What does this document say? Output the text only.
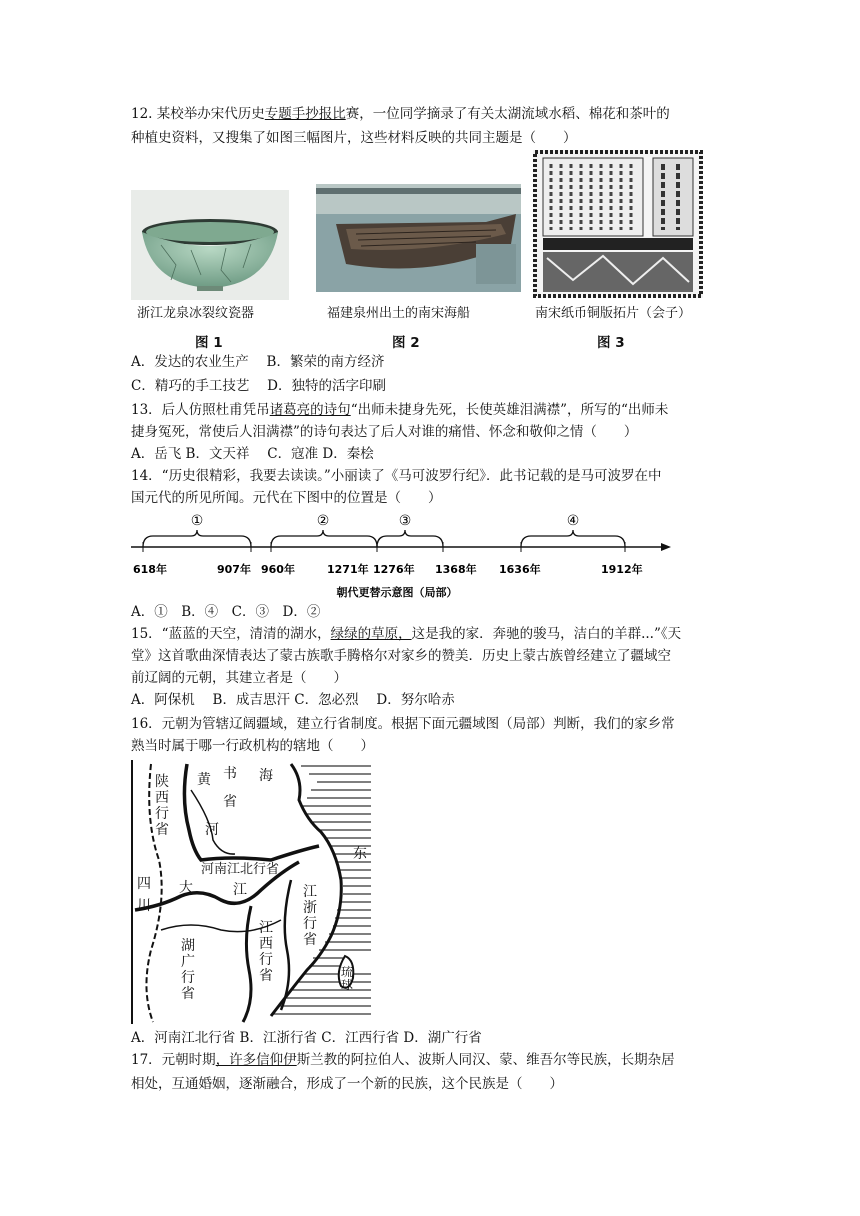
12. 某校举办宋代历史专题手抄报比赛，一位同学摘录了有关太湖流域水稻、棉花和茶叶的
种植史资料，又搜集了如图三幅图片，这些材料反映的共同主题是（　　）
浙江龙泉冰裂纹瓷器
图 1
福建泉州出土的南宋海船
图 2
南宋纸币铜版拓片（会子）
图 3
A．发达的农业生产　 B．繁荣的南方经济
C．精巧的手工技艺　 D．独特的活字印刷
13．后人仿照杜甫凭吊诸葛亮的诗句“出师未捷身先死，长使英雄泪满襟”，所写的“出师未
捷身冤死，常使后人泪满襟”的诗句表达了后人对谁的痛惜、怀念和敬仰之情（　　）
A．岳飞 B．文天祥　 C．寇准 D．秦桧
14．“历史很精彩，我要去读读。”小丽读了《马可波罗行纪》．此书记载的是马可波罗在中
国元代的所见所闻。元代在下图中的位置是（　　）
①	②	③	④
618年	907年 960年	1271年 1276年 1368年 1636年	1912年
朝代更替示意图（局部）
A．①　B．④　C．③　D．②
15．“蓝蓝的天空，清清的湖水，绿绿的草原，这是我的家．奔驰的骏马，洁白的羊群...”《天
堂》这首歌曲深情表达了蒙古族歌手腾格尔对家乡的赞美．历史上蒙古族曾经建立了疆域空
前辽阔的元朝，其建立者是（　　）
A．阿保机　 B．成吉思汗 C．忽必烈　 D．努尔哈赤
16．元朝为管辖辽阔疆域，建立行省制度。根据下面元疆域图（局部）判断，我们的家乡常
熟当时属于哪一行政机构的辖地（　　）
陕西行省
黄 书
省
海
河
东
河南江北行省
四
川
大	江	江浙行省
江西行省
湖广行省
琉球
A．河南江北行省 B．江浙行省 C．江西行省 D．湖广行省
17．元朝时期，许多信仰伊斯兰教的阿拉伯人、波斯人同汉、蒙、维吾尔等民族，长期杂居
相处，互通婚姻，逐渐融合，形成了一个新的民族，这个民族是（　　）
